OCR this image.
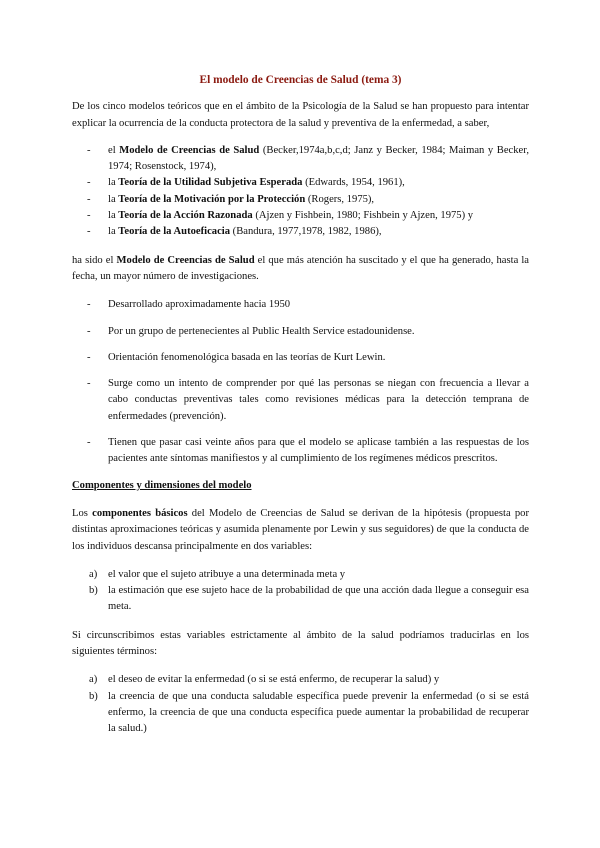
El modelo de Creencias de Salud (tema 3)

De los cinco modelos teóricos que en el ámbito de la Psicología de la Salud se han propuesto para intentar explicar la ocurrencia de la conducta protectora de la salud y preventiva de la enfermedad, a saber,

- el Modelo de Creencias de Salud (Becker,1974a,b,c,d; Janz y Becker, 1984; Maiman y Becker, 1974; Rosenstock, 1974),
- la Teoría de la Utilidad Subjetiva Esperada (Edwards, 1954, 1961),
- la Teoría de la Motivación por la Protección (Rogers, 1975),
- la Teoría de la Acción Razonada (Ajzen y Fishbein, 1980; Fishbein y Ajzen, 1975) y
- la Teoría de la Autoeficacia (Bandura, 1977,1978, 1982, 1986),

ha sido el Modelo de Creencias de Salud el que más atención ha suscitado y el que ha generado, hasta la fecha, un mayor número de investigaciones.

- Desarrollado aproximadamente hacia 1950
- Por un grupo de pertenecientes al Public Health Service estadounidense.
- Orientación fenomenológica basada en las teorías de Kurt Lewin.
- Surge como un intento de comprender por qué las personas se niegan con frecuencia a llevar a cabo conductas preventivas tales como revisiones médicas para la detección temprana de enfermedades (prevención).
- Tienen que pasar casi veinte años para que el modelo se aplicase también a las respuestas de los pacientes ante síntomas manifiestos y al cumplimiento de los regímenes médicos prescritos.
Componentes y dimensiones del modelo

Los componentes básicos del Modelo de Creencias de Salud se derivan de la hipótesis (propuesta por distintas aproximaciones teóricas y asumida plenamente por Lewin y sus seguidores) de que la conducta de los individuos descansa principalmente en dos variables:

a) el valor que el sujeto atribuye a una determinada meta y
b) la estimación que ese sujeto hace de la probabilidad de que una acción dada llegue a conseguir esa meta.

Si circunscribimos estas variables estrictamente al ámbito de la salud podríamos traducirlas en los siguientes términos:

a) el deseo de evitar la enfermedad (o si se está enfermo, de recuperar la salud) y
b) la creencia de que una conducta saludable específica puede prevenir la enfermedad (o si se está enfermo, la creencia de que una conducta específica puede aumentar la probabilidad de recuperar la salud.)
